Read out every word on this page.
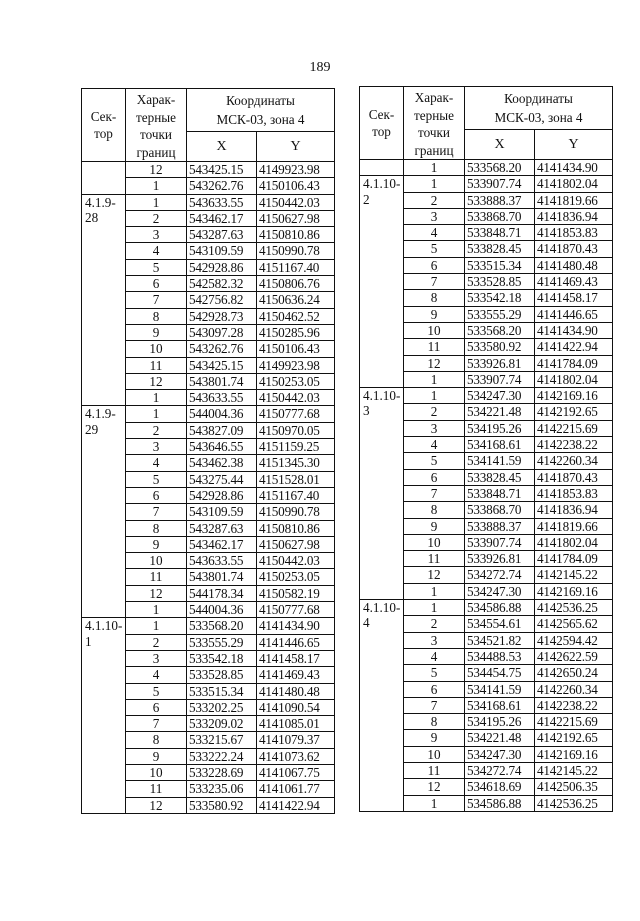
189
Сек-
тор	Харак-
терные
точки
границ	Координаты
МСК-03, зона 4	
		X	Y
	12	543425.15	4149923.98
	1	543262.76	4150106.43
4.1.9-
28	1	543633.55	4150442.03
	2	543462.17	4150627.98
	3	543287.63	4150810.86
	4	543109.59	4150990.78
	5	542928.86	4151167.40
	6	542582.32	4150806.76
	7	542756.82	4150636.24
	8	542928.73	4150462.52
	9	543097.28	4150285.96
	10	543262.76	4150106.43
	11	543425.15	4149923.98
	12	543801.74	4150253.05
	1	543633.55	4150442.03
4.1.9-
29	1	544004.36	4150777.68
	2	543827.09	4150970.05
	3	543646.55	4151159.25
	4	543462.38	4151345.30
	5	543275.44	4151528.01
	6	542928.86	4151167.40
	7	543109.59	4150990.78
	8	543287.63	4150810.86
	9	543462.17	4150627.98
	10	543633.55	4150442.03
	11	543801.74	4150253.05
	12	544178.34	4150582.19
	1	544004.36	4150777.68
4.1.10-
1	1	533568.20	4141434.90
	2	533555.29	4141446.65
	3	533542.18	4141458.17
	4	533528.85	4141469.43
	5	533515.34	4141480.48
	6	533202.25	4141090.54
	7	533209.02	4141085.01
	8	533215.67	4141079.37
	9	533222.24	4141073.62
	10	533228.69	4141067.75
	11	533235.06	4141061.77
	12	533580.92	4141422.94
Сек-
тор	Харак-
терные
точки
границ	Координаты
МСК-03, зона 4	
		X	Y
	1	533568.20	4141434.90
4.1.10-
2	1	533907.74	4141802.04
	2	533888.37	4141819.66
	3	533868.70	4141836.94
	4	533848.71	4141853.83
	5	533828.45	4141870.43
	6	533515.34	4141480.48
	7	533528.85	4141469.43
	8	533542.18	4141458.17
	9	533555.29	4141446.65
	10	533568.20	4141434.90
	11	533580.92	4141422.94
	12	533926.81	4141784.09
	1	533907.74	4141802.04
4.1.10-
3	1	534247.30	4142169.16
	2	534221.48	4142192.65
	3	534195.26	4142215.69
	4	534168.61	4142238.22
	5	534141.59	4142260.34
	6	533828.45	4141870.43
	7	533848.71	4141853.83
	8	533868.70	4141836.94
	9	533888.37	4141819.66
	10	533907.74	4141802.04
	11	533926.81	4141784.09
	12	534272.74	4142145.22
	1	534247.30	4142169.16
4.1.10-
4	1	534586.88	4142536.25
	2	534554.61	4142565.62
	3	534521.82	4142594.42
	4	534488.53	4142622.59
	5	534454.75	4142650.24
	6	534141.59	4142260.34
	7	534168.61	4142238.22
	8	534195.26	4142215.69
	9	534221.48	4142192.65
	10	534247.30	4142169.16
	11	534272.74	4142145.22
	12	534618.69	4142506.35
	1	534586.88	4142536.25
